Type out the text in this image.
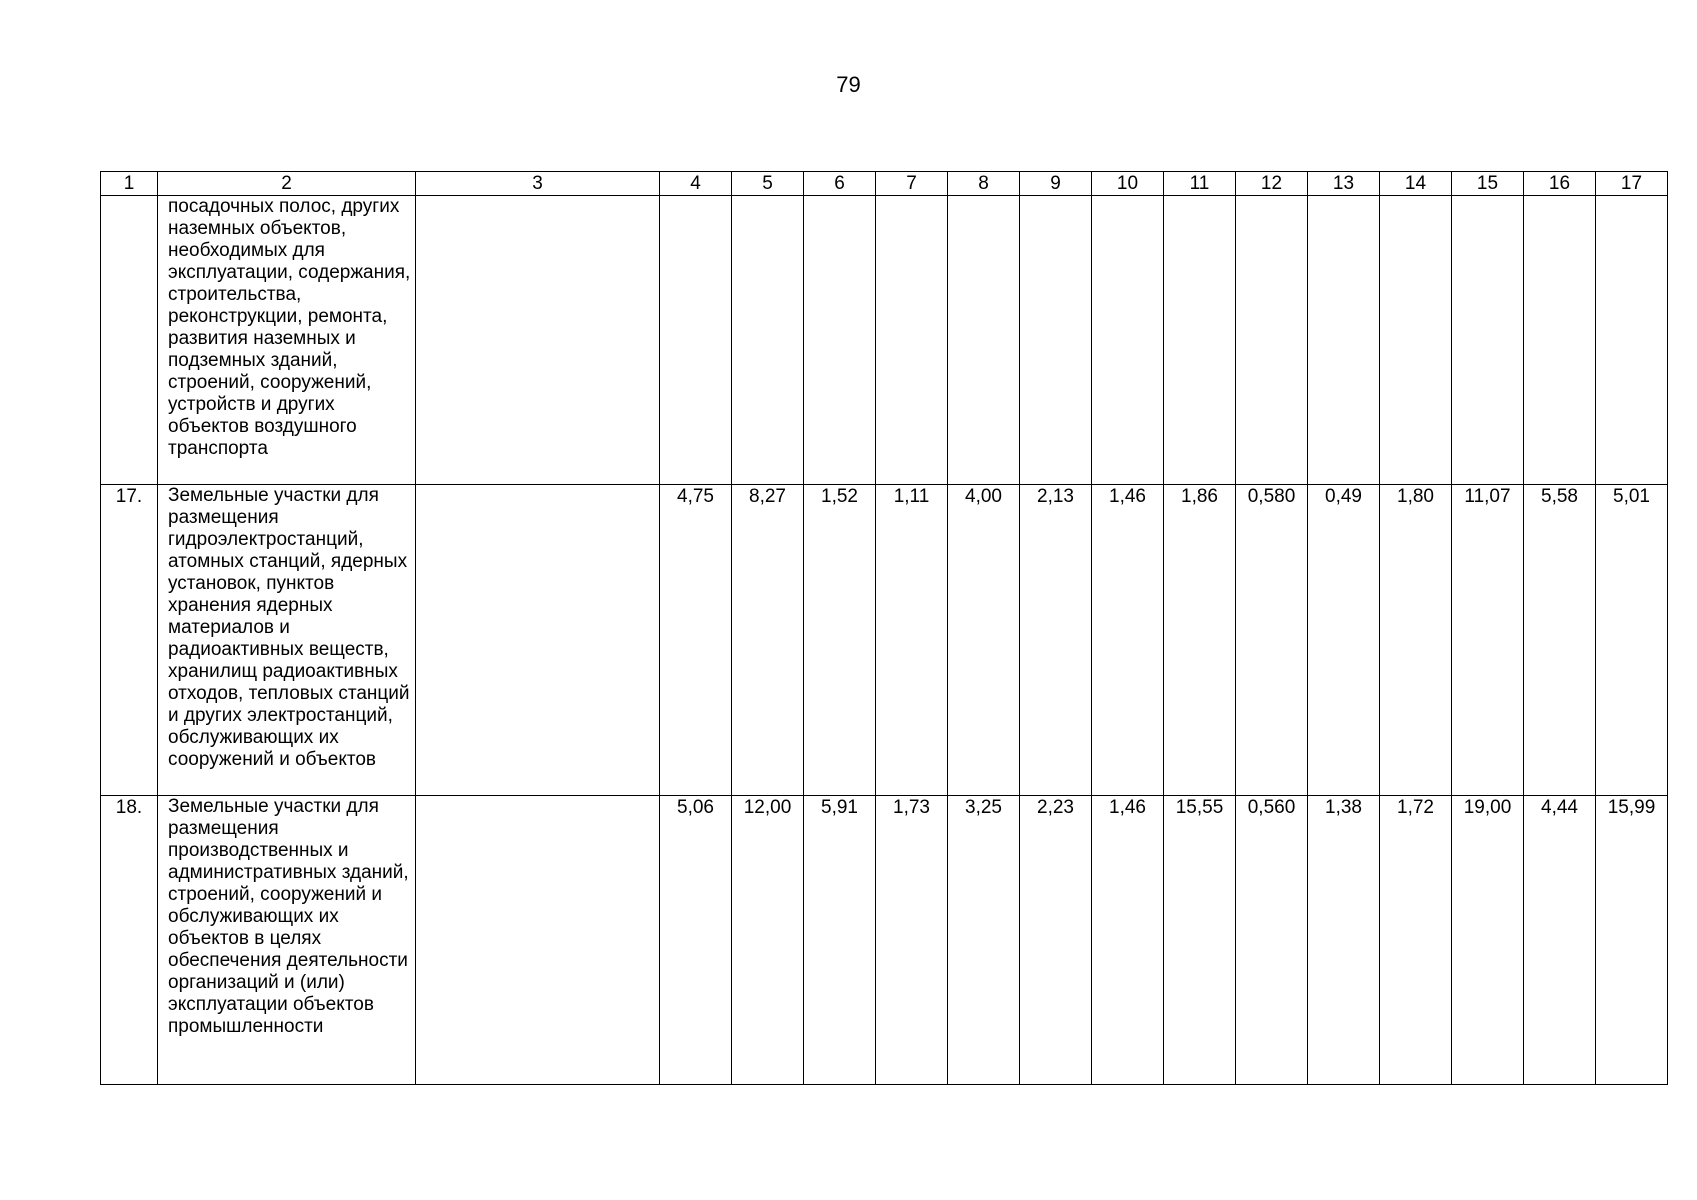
79
1	2	3	4	5	6	7	8	9	10	11	12	13	14	15	16	17
	посадочных полос, других наземных объектов, необходимых для эксплуатации, содержания, строительства, реконструкции, ремонта, развития наземных и подземных зданий, строений, сооружений, устройств и других объектов воздушного транспорта															
17.	Земельные участки для размещения гидроэлектростанций, атомных станций, ядерных установок, пунктов хранения ядерных материалов и радиоактивных веществ, хранилищ радиоактивных отходов, тепловых станций и других электростанций, обслуживающих их сооружений и объектов		4,75	8,27	1,52	1,11	4,00	2,13	1,46	1,86	0,580	0,49	1,80	11,07	5,58	5,01
18.	Земельные участки для размещения производственных и административных зданий, строений, сооружений и обслуживающих их объектов в целях обеспечения деятельности организаций и (или) эксплуатации объектов промышленности		5,06	12,00	5,91	1,73	3,25	2,23	1,46	15,55	0,560	1,38	1,72	19,00	4,44	15,99
